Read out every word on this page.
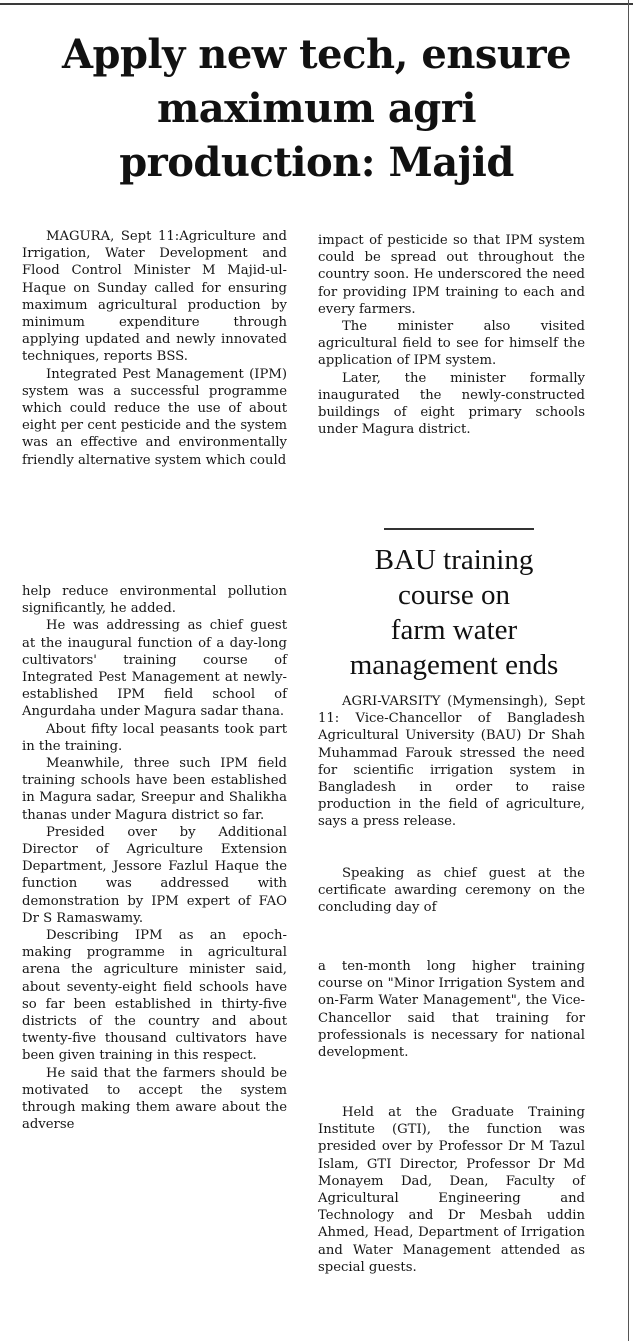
Apply new tech, ensure
maximum agri
production: Majid

MAGURA, Sept 11:Agriculture and Irrigation, Water Development and Flood Control Minister M Majid-ul-Haque on Sunday called for ensuring maximum agricultural production by minimum expenditure through applying updated and newly innovated techniques, reports BSS.

Integrated Pest Management (IPM) system was a successful programme which could reduce the use of about eight per cent pesticide and the system was an effective and environmentally friendly alternative system which could

help reduce environmental pollution significantly, he added.

He was addressing as chief guest at the inaugural function of a day-long cultivators' training course of Integrated Pest Management at newly-established IPM field school of Angurdaha under Magura sadar thana.

About fifty local peasants took part in the training.

Meanwhile, three such IPM field training schools have been established in Magura sadar, Sreepur and Shalikha thanas under Magura district so far.

Presided over by Additional Director of Agriculture Extension Department, Jessore Fazlul Haque the function was addressed with demonstration by IPM expert of FAO Dr S Ramaswamy.

Describing IPM as an epoch-making programme in agricultural arena the agriculture minister said, about seventy-eight field schools have so far been established in thirty-five districts of the country and about twenty-five thousand cultivators have been given training in this respect.

He said that the farmers should be motivated to accept the system through making them aware about the adverse

impact of pesticide so that IPM system could be spread out throughout the country soon. He underscored the need for providing IPM training to each and every farmers.

The minister also visited agricultural field to see for himself the application of IPM system.

Later, the minister formally inaugurated the newly-constructed buildings of eight primary schools under Magura district.

BAU training
course on
farm water
management ends

AGRI-VARSITY (Mymensingh), Sept 11: Vice-Chancellor of Bangladesh Agricultural University (BAU) Dr Shah Muhammad Farouk stressed the need for scientific irrigation system in Bangladesh in order to raise production in the field of agriculture, says a press release.

Speaking as chief guest at the certificate awarding ceremony on the concluding day of

a ten-month long higher training course on "Minor Irrigation System and on-Farm Water Management", the Vice-Chancellor said that training for professionals is necessary for national development.

Held at the Graduate Training Institute (GTI), the function was presided over by Professor Dr M Tazul Islam, GTI Director, Professor Dr Md Monayem Dad, Dean, Faculty of Agricultural Engineering and Technology and Dr Mesbah uddin Ahmed, Head, Department of Irrigation and Water Management attended as special guests.
